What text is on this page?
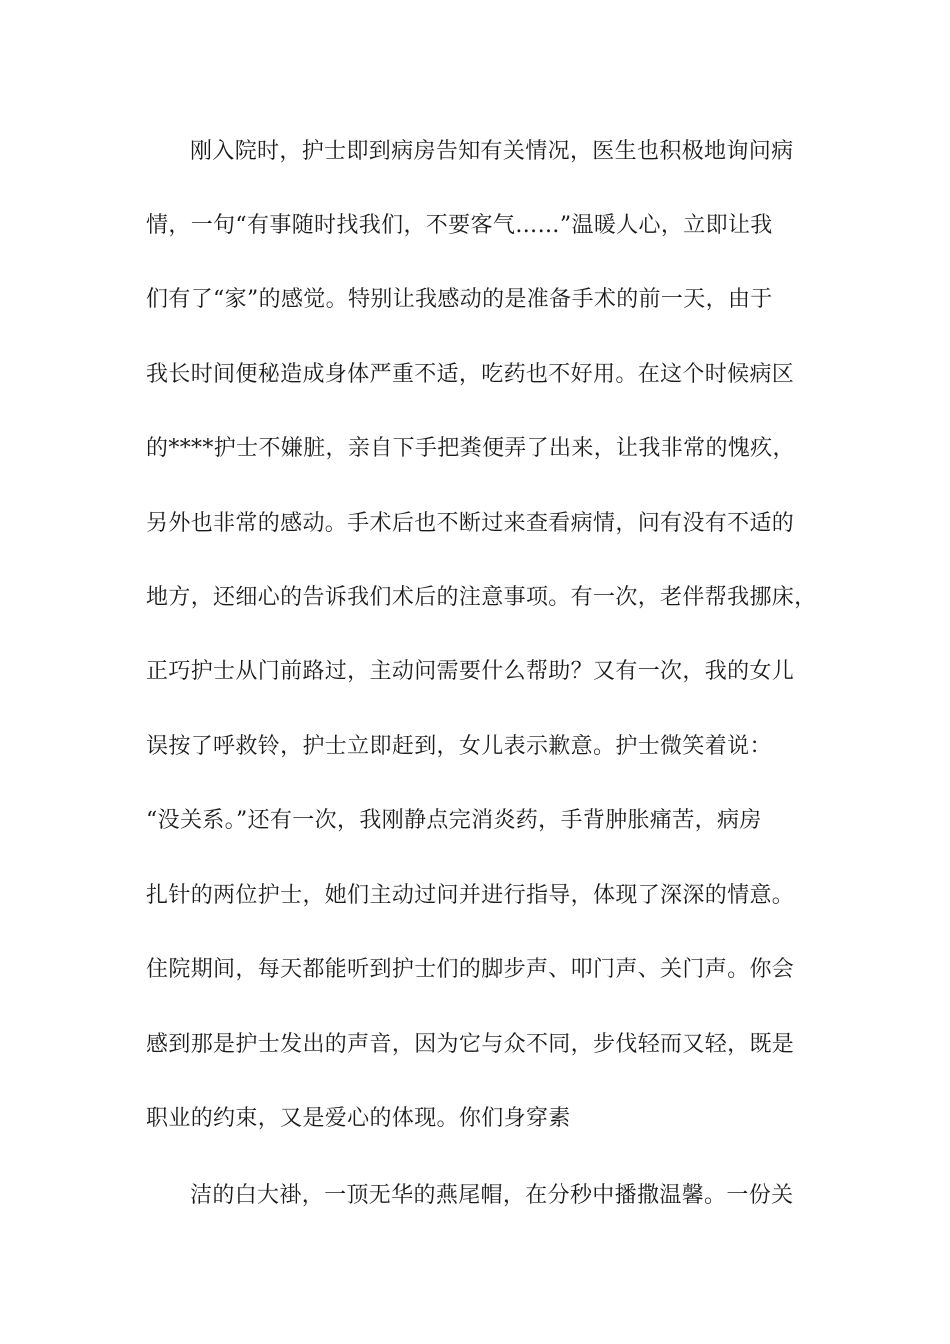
刚入院时，护士即到病房告知有关情况，医生也积极地询问病
情，一句“有事随时找我们，不要客气……”温暖人心，立即让我
们有了“家”的感觉。特别让我感动的是准备手术的前一天，由于
我长时间便秘造成身体严重不适，吃药也不好用。在这个时候病区
的****护士不嫌脏，亲自下手把粪便弄了出来，让我非常的愧疚，
另外也非常的感动。手术后也不断过来查看病情，问有没有不适的
地方，还细心的告诉我们术后的注意事项。有一次，老伴帮我挪床，
正巧护士从门前路过，主动问需要什么帮助？又有一次，我的女儿
误按了呼救铃，护士立即赶到，女儿表示歉意。护士微笑着说：
“没关系。”还有一次，我刚静点完消炎药，手背肿胀痛苦，病房
扎针的两位护士，她们主动过问并进行指导，体现了深深的情意。
住院期间，每天都能听到护士们的脚步声、叩门声、关门声。你会
感到那是护士发出的声音，因为它与众不同，步伐轻而又轻，既是
职业的约束，又是爱心的体现。你们身穿素
洁的白大褂，一顶无华的燕尾帽，在分秒中播撒温馨。一份关
